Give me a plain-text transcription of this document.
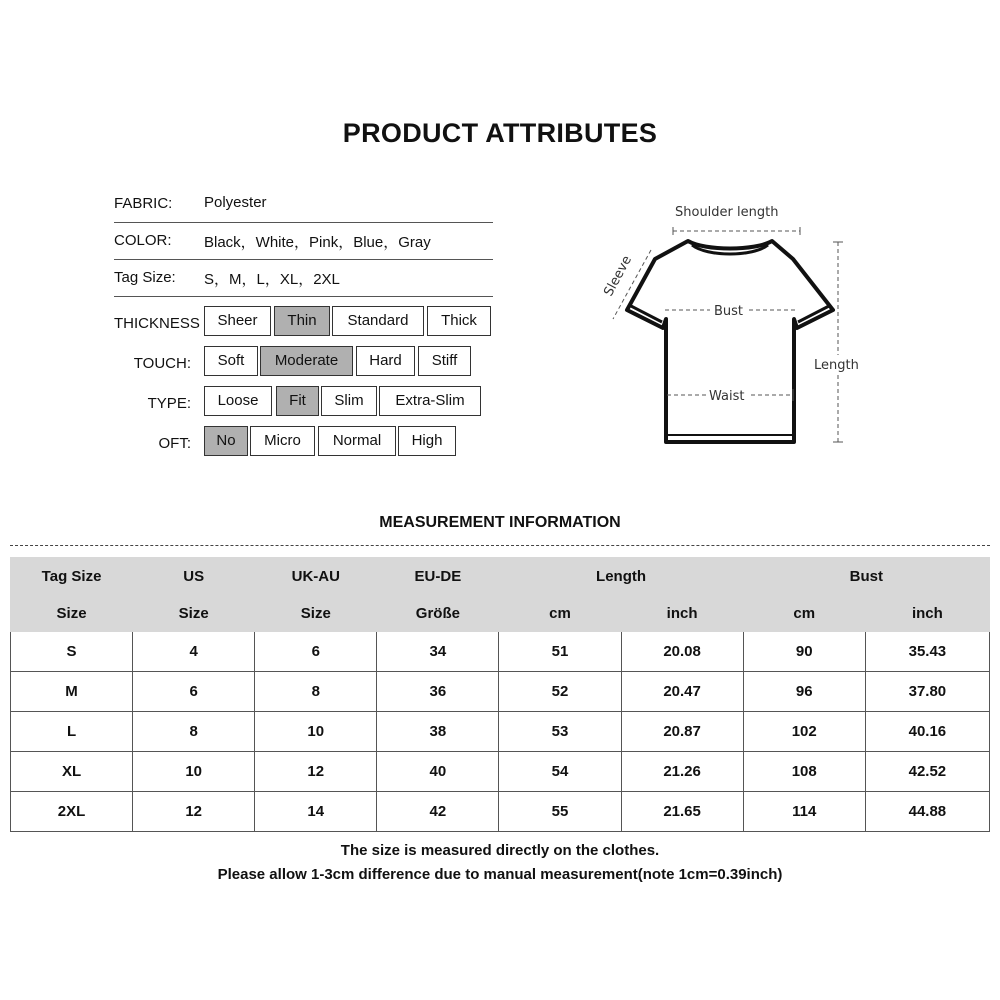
PRODUCT ATTRIBUTES
FABRIC: Polyester
COLOR: Black，White，Pink，Blue，Gray
Tag Size: S，M，L，XL，2XL
THICKNESS	Sheer	Thin	Standard	Thick
TOUCH:	Soft	Moderate	Hard	Stiff
TYPE:	Loose	Fit	Slim	Extra-Slim
OFT:	No	Micro	Normal	High
Shoulder length
Sleeve
Bust
Waist
Length
MEASUREMENT INFORMATION
Tag Size	US	UK-AU	EU-DE	Length		Bust	
Size	Size	Size	Größe	cm	inch	cm	inch
S	4	6	34	51	20.08	90	35.43
M	6	8	36	52	20.47	96	37.80
L	8	10	38	53	20.87	102	40.16
XL	10	12	40	54	21.26	108	42.52
2XL	12	14	42	55	21.65	114	44.88
The size is measured directly on the clothes.
Please allow 1-3cm difference due to manual measurement(note 1cm=0.39inch)
